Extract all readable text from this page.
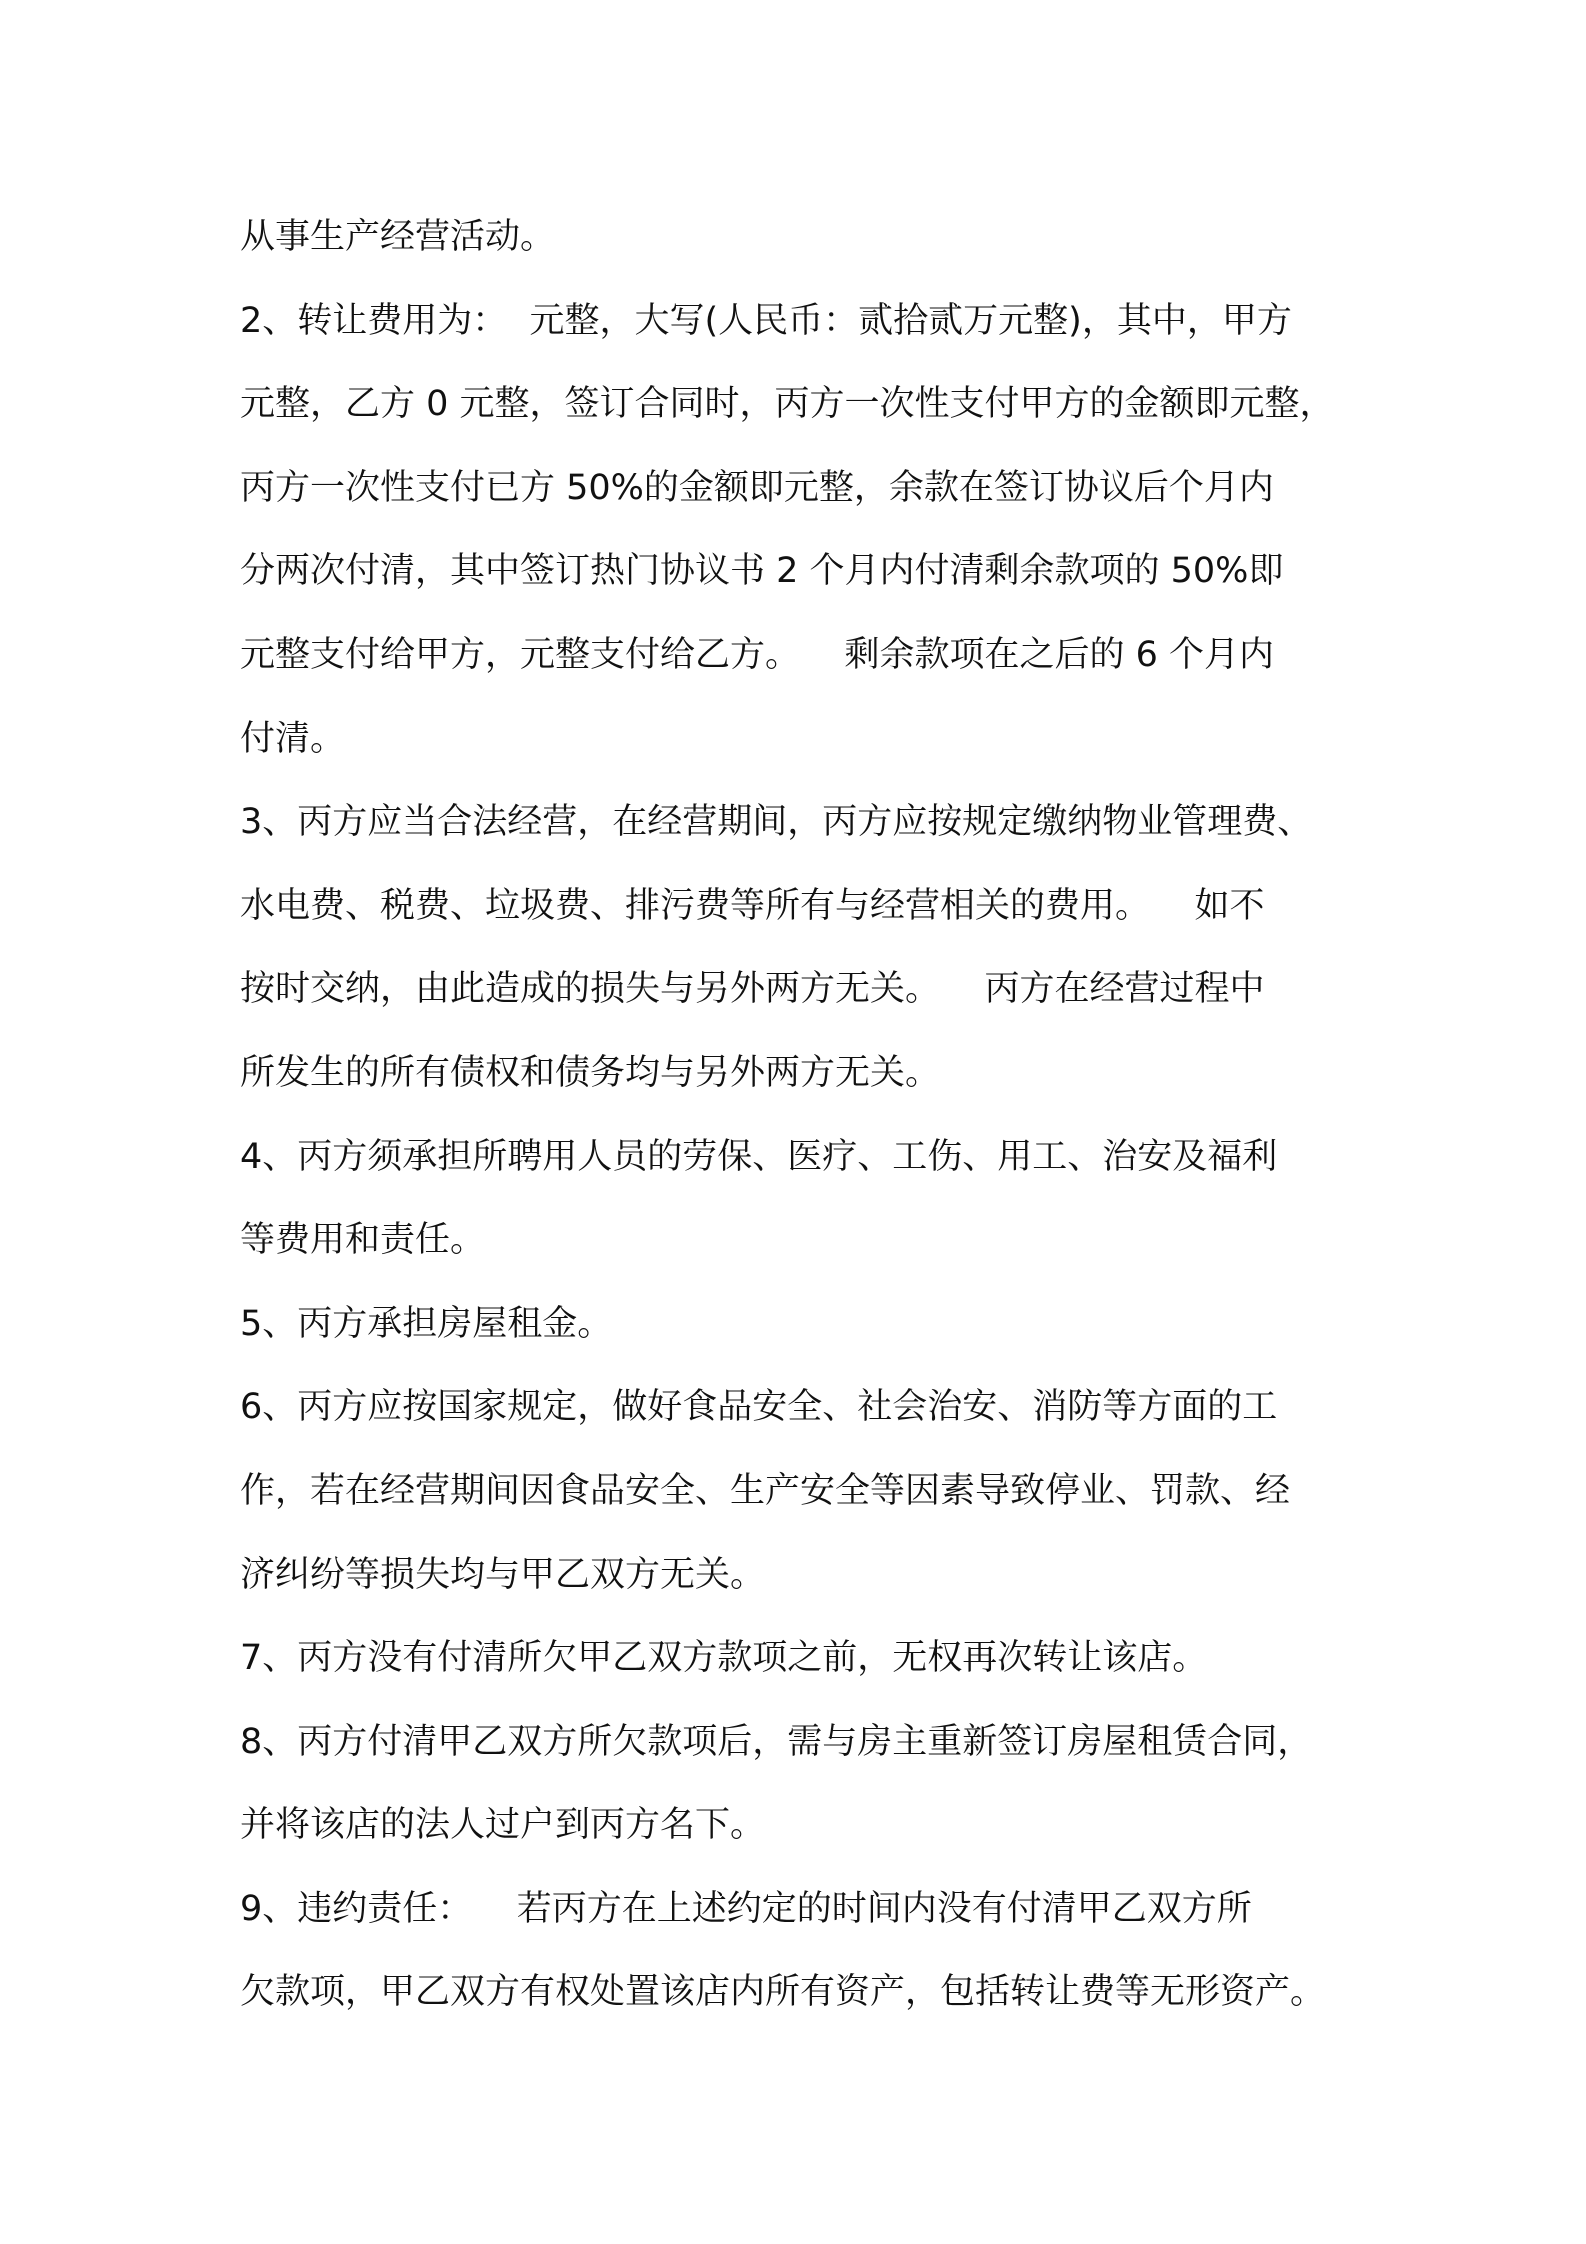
从事生产经营活动。
2、转让费用为：  元整，大写(人民币：贰拾贰万元整)，其中，甲方
元整，乙方 0 元整，签订合同时，丙方一次性支付甲方的金额即元整，
丙方一次性支付已方 50%的金额即元整，余款在签订协议后个月内
分两次付清，其中签订热门协议书 2 个月内付清剩余款项的 50%即
元整支付给甲方，元整支付给乙方。    剩余款项在之后的 6 个月内
付清。
3、丙方应当合法经营，在经营期间，丙方应按规定缴纳物业管理费、
水电费、税费、垃圾费、排污费等所有与经营相关的费用。    如不
按时交纳，由此造成的损失与另外两方无关。    丙方在经营过程中
所发生的所有债权和债务均与另外两方无关。
4、丙方须承担所聘用人员的劳保、医疗、工伤、用工、治安及福利
等费用和责任。
5、丙方承担房屋租金。
6、丙方应按国家规定，做好食品安全、社会治安、消防等方面的工
作，若在经营期间因食品安全、生产安全等因素导致停业、罚款、经
济纠纷等损失均与甲乙双方无关。
7、丙方没有付清所欠甲乙双方款项之前，无权再次转让该店。
8、丙方付清甲乙双方所欠款项后，需与房主重新签订房屋租赁合同，
并将该店的法人过户到丙方名下。
9、违约责任：    若丙方在上述约定的时间内没有付清甲乙双方所
欠款项，甲乙双方有权处置该店内所有资产，包括转让费等无形资产。
